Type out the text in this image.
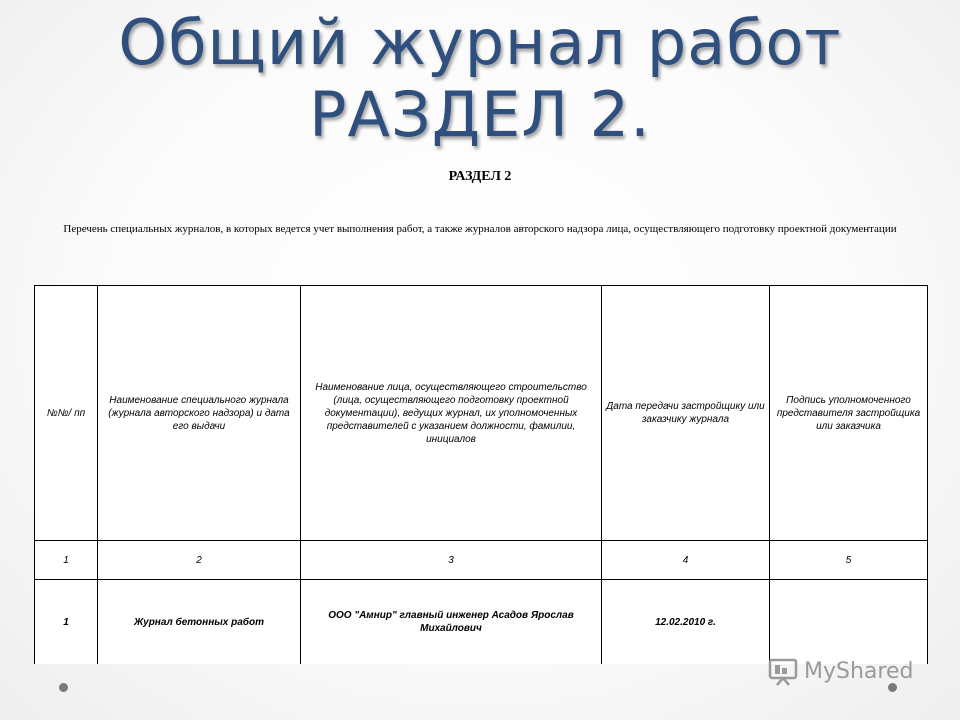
Общий журнал работ
РАЗДЕЛ 2.
РАЗДЕЛ 2
Перечень специальных журналов, в которых ведется учет выполнения работ, а также журналов авторского надзора лица, осуществляющего подготовку проектной документации
№№/ пп	Наименование специального журнала (журнала авторского надзора) и дата его выдачи	Наименование лица, осуществляющего строительство (лица, осуществляющего подготовку проектной документации), ведущих журнал, их уполномоченных представителей с указанием должности, фамилии, инициалов	Дата передачи застройщику или заказчику журнала	Подпись уполномоченного представителя застройщика или заказчика
1	2	3	4	5
1	Журнал бетонных работ	ООО "Амнир" главный инженер Асадов Ярослав Михайлович	12.02.2010 г.	
MyShared
